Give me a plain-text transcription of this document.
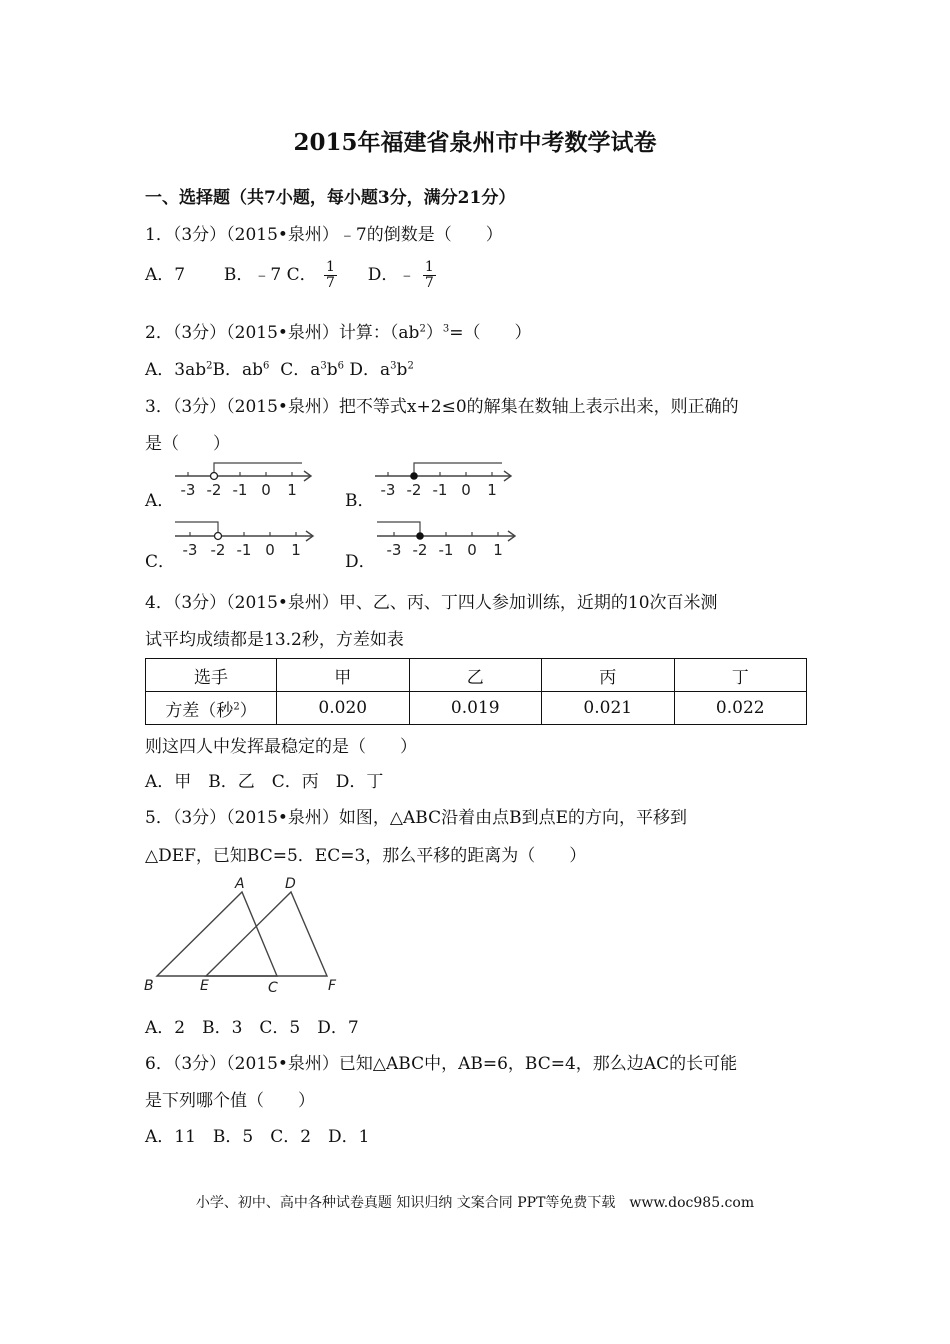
2015年福建省泉州市中考数学试卷
一、选择题（共7小题，每小题3分，满分21分）
1．（3分）（2015•泉州）﹣7的倒数是（　　）
A．7 B．﹣7 C． $\frac{1}{7}$ D．﹣ $\frac{1}{7}$
2．（3分）（2015•泉州）计算：$(ab^2)^3=$（　　）
A．$3ab^2B$．$ab^6$ C．$a^3b^6$ D．$a^3b^2$
3．（3分）（2015•泉州）把不等式x+2≤0的解集在数轴上表示出来，则正确的
是（　　）
A．	B．
C．	D．
-3 -2 -1 0 1	-3 -2 -1 0 1
-3 -2 -1 0 1	-3 -2 -1 0 1
4．（3分）（2015•泉州）甲、乙、丙、丁四人参加训练，近期的10次百米测
试平均成绩都是13.2秒，方差如表
选手	甲	乙	丙	丁
方差（秒$^2$）	0.020	0.019	0.021	0.022
则这四人中发挥最稳定的是（　　）
A．甲　B．乙　C．丙　D．丁
5．（3分）（2015•泉州）如图，△ABC沿着由点B到点E的方向，平移到
△DEF，已知BC=5．EC=3，那么平移的距离为（　　）
A	D
B	E	C	F
A．2　B．3　C．5　D．7
6．（3分）（2015•泉州）已知△ABC中，AB=6，BC=4，那么边AC的长可能
是下列哪个值（　　）
A．11　B．5　C．2　D．1
小学、初中、高中各种试卷真题 知识归纳 文案合同 PPT等免费下载　www.doc985.com
